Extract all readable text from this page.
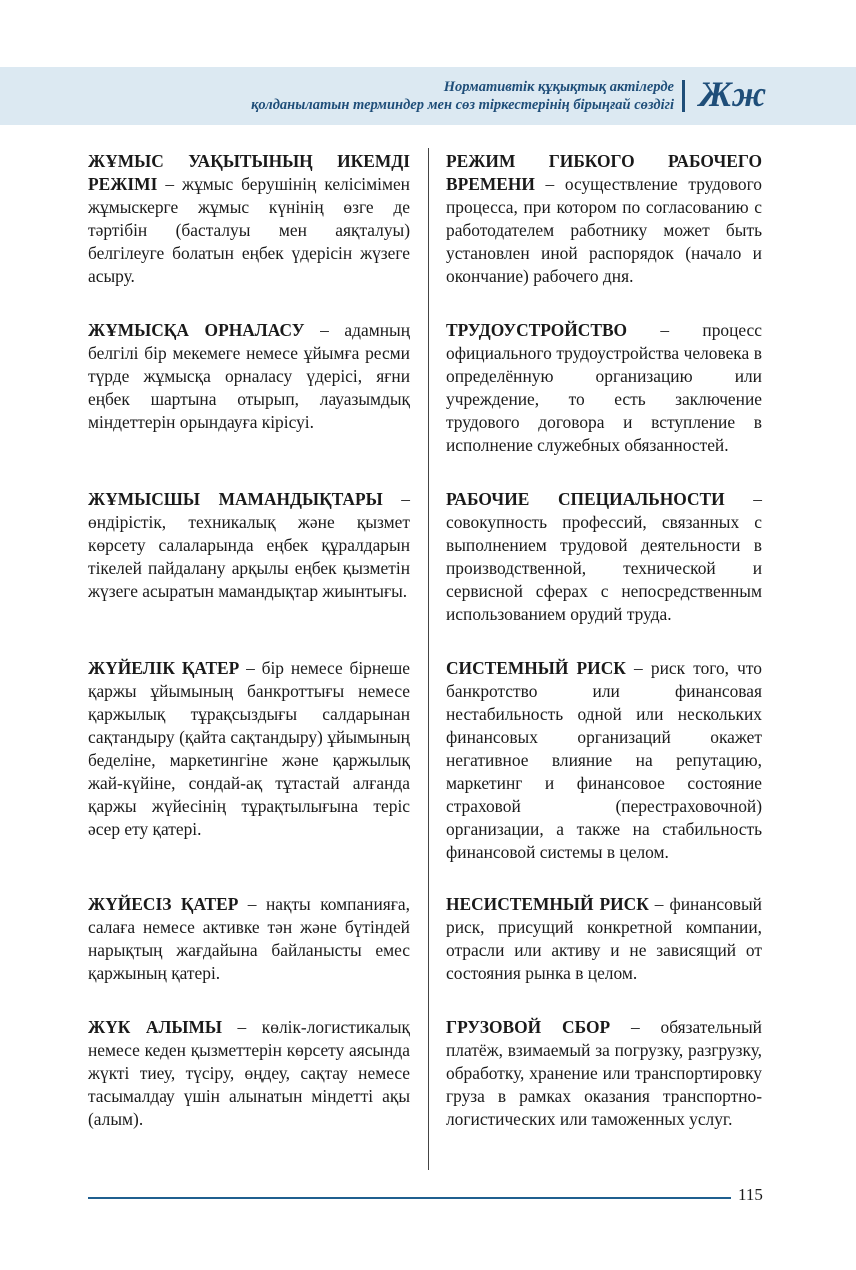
Нормативтік құқықтық актілерде
қолданылатын терминдер мен сөз тіркестерінің бірыңғай сөздігі Жж
ЖҰМЫС УАҚЫТЫНЫҢ ИКЕМДІ РЕЖІМІ – жұмыс берушінің келісімімен жұмыскерге жұмыс күнінің өзге де тәртібін (басталуы мен аяқталуы) белгілеуге болатын еңбек үдерісін жүзеге асыру.
РЕЖИМ ГИБКОГО РАБОЧЕГО ВРЕМЕНИ – осуществление трудового процесса, при котором по согласованию с работодателем работнику может быть установлен иной распорядок (начало и окончание) рабочего дня.
ЖҰМЫСҚА ОРНАЛАСУ – адамның белгілі бір мекемеге немесе ұйымға ресми түрде жұмысқа орналасу үдерісі, яғни еңбек шартына отырып, лауазымдық міндеттерін орындауға кірісуі.
ТРУДОУСТРОЙСТВО – процесс официального трудоустройства человека в определённую организацию или учреждение, то есть заключение трудового договора и вступление в исполнение служебных обязанностей.
ЖҰМЫСШЫ МАМАНДЫҚТАРЫ – өндірістік, техникалық және қызмет көрсету салаларында еңбек құралдарын тікелей пайдалану арқылы еңбек қызметін жүзеге асыратын мамандықтар жиынтығы.
РАБОЧИЕ СПЕЦИАЛЬНОСТИ – совокупность профессий, связанных с выполнением трудовой деятельности в производственной, технической и сервисной сферах с непосредственным использованием орудий труда.
ЖҮЙЕЛІК ҚАТЕР – бір немесе бірнеше қаржы ұйымының банкроттығы немесе қаржылық тұрақсыздығы салдарынан сақтандыру (қайта сақтандыру) ұйымының беделіне, маркетингіне және қаржылық жай-күйіне, сондай-ақ тұтастай алғанда қаржы жүйесінің тұрақтылығына теріс әсер ету қатері.
СИСТЕМНЫЙ РИСК – риск того, что банкротство или финансовая нестабильность одной или нескольких финансовых организаций окажет негативное влияние на репутацию, маркетинг и финансовое состояние страховой (перестраховочной) организации, а также на стабильность финансовой системы в целом.
ЖҮЙЕСІЗ ҚАТЕР – нақты компанияға, салаға немесе активке тән және бүтіндей нарықтың жағдайына байланысты емес қаржының қатері.
НЕСИСТЕМНЫЙ РИСК – финансовый риск, присущий конкретной компании, отрасли или активу и не зависящий от состояния рынка в целом.
ЖҮК АЛЫМЫ – көлік-логистикалық немесе кеден қызметтерін көрсету аясында жүкті тиеу, түсіру, өңдеу, сақтау немесе тасымалдау үшін алынатын міндетті ақы (алым).
ГРУЗОВОЙ СБОР – обязательный платёж, взимаемый за погрузку, разгрузку, обработку, хранение или транспортировку груза в рамках оказания транспортно-логистических или таможенных услуг.
115
